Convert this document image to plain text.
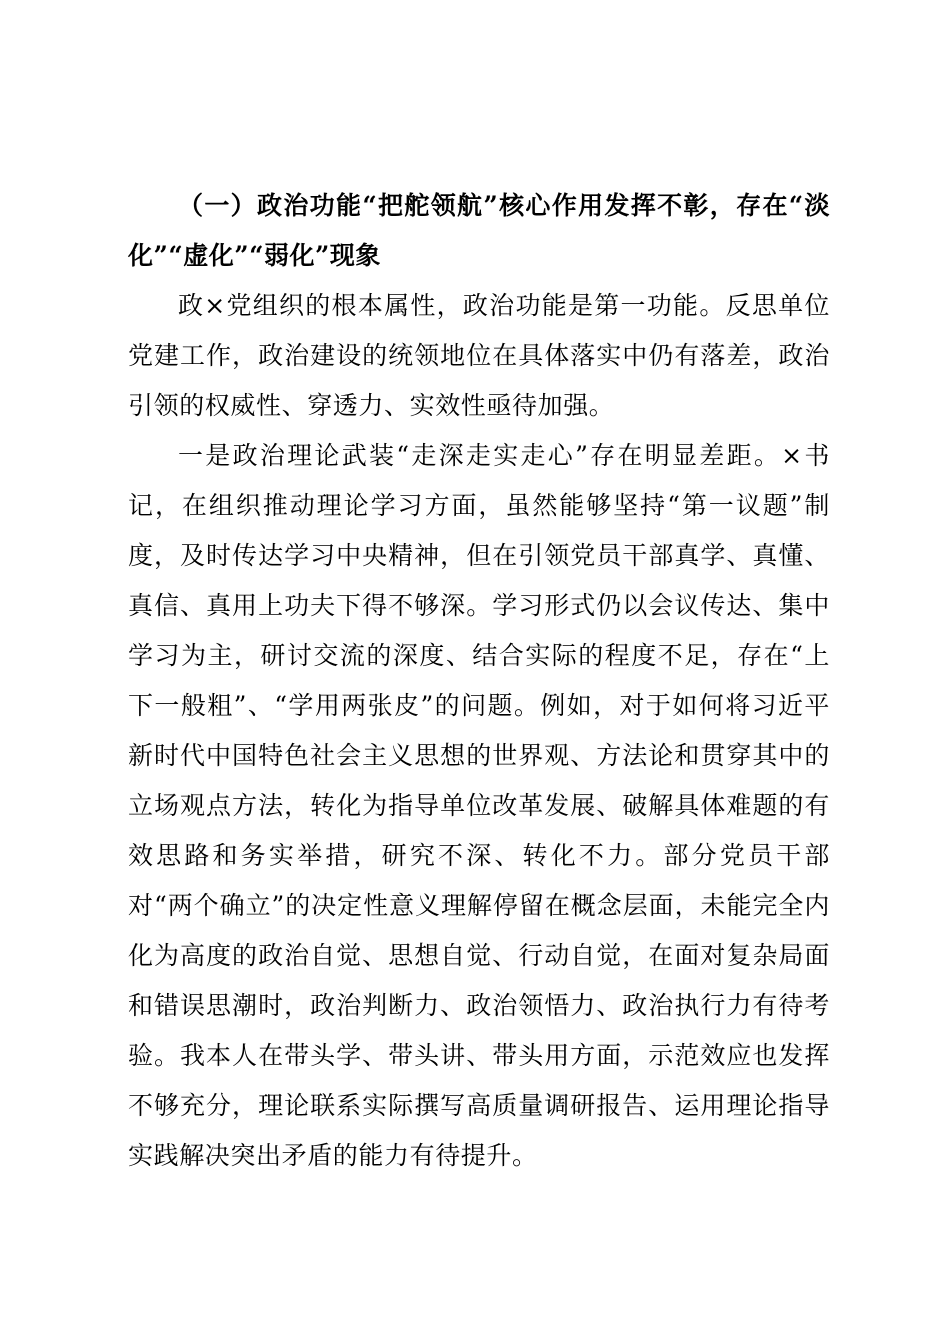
（一）政治功能“把舵领航”核心作用发挥不彰，存在“淡化”“虚化”“弱化”现象

政×党组织的根本属性，政治功能是第一功能。反思单位党建工作，政治建设的统领地位在具体落实中仍有落差，政治引领的权威性、穿透力、实效性亟待加强。

一是政治理论武装“走深走实走心”存在明显差距。×书记，在组织推动理论学习方面，虽然能够坚持“第一议题”制度，及时传达学习中央精神，但在引领党员干部真学、真懂、真信、真用上功夫下得不够深。学习形式仍以会议传达、集中学习为主，研讨交流的深度、结合实际的程度不足，存在“上下一般粗”、“学用两张皮”的问题。例如，对于如何将习近平新时代中国特色社会主义思想的世界观、方法论和贯穿其中的立场观点方法，转化为指导单位改革发展、破解具体难题的有效思路和务实举措，研究不深、转化不力。部分党员干部对“两个确立”的决定性意义理解停留在概念层面，未能完全内化为高度的政治自觉、思想自觉、行动自觉，在面对复杂局面和错误思潮时，政治判断力、政治领悟力、政治执行力有待考验。我本人在带头学、带头讲、带头用方面，示范效应也发挥不够充分，理论联系实际撰写高质量调研报告、运用理论指导实践解决突出矛盾的能力有待提升。
